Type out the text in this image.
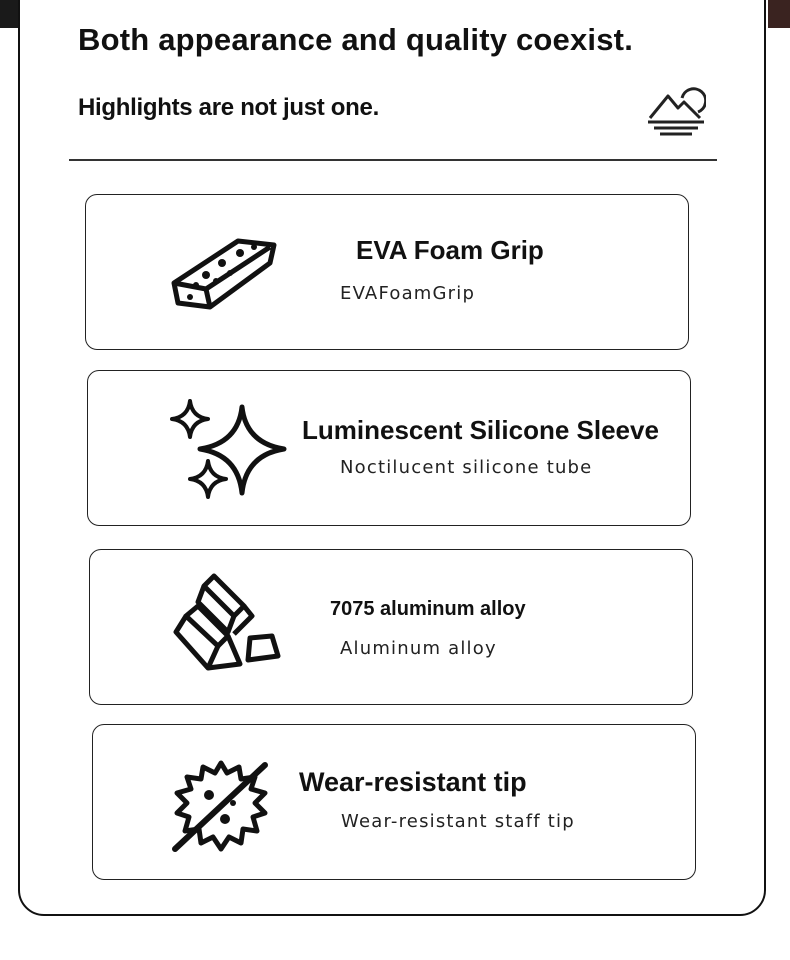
Both appearance and quality coexist.
Highlights are not just one.
EVA Foam Grip
EVAFoamGrip
Luminescent Silicone Sleeve
Noctilucent silicone tube
7075 aluminum alloy
Aluminum alloy
Wear-resistant tip
Wear-resistant staff tip
